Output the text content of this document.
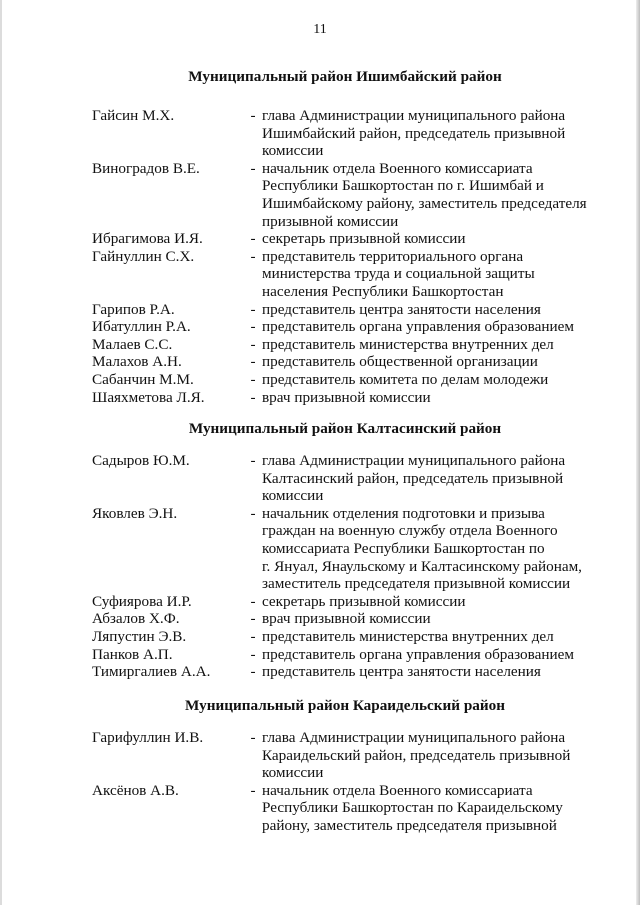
11
Муниципальный район Ишимбайский район
Гайсин М.Х.	- глава Администрации муниципального района
Ишимбайский район, председатель призывной
комиссии
Виноградов В.Е.	- начальник отдела Военного комиссариата
Республики Башкортостан по г. Ишимбай и
Ишимбайскому району, заместитель председателя
призывной комиссии
Ибрагимова И.Я.	- секретарь призывной комиссии
Гайнуллин С.Х.	- представитель территориального органа
министерства труда и социальной защиты
населения Республики Башкортостан
Гарипов Р.А.	- представитель центра занятости населения
Ибатуллин Р.А.	- представитель органа управления образованием
Малаев С.С.	- представитель министерства внутренних дел
Малахов А.Н.	- представитель общественной организации
Сабанчин М.М.	- представитель комитета по делам молодежи
Шаяхметова Л.Я.	- врач призывной комиссии
Муниципальный район Калтасинский район
Садыров Ю.М.	- глава Администрации муниципального района
Калтасинский район, председатель призывной
комиссии
Яковлев Э.Н.	- начальник отделения подготовки и призыва
граждан на военную службу отдела Военного
комиссариата Республики Башкортостан по
г. Януал, Янаульскому и Калтасинскому районам,
заместитель председателя призывной комиссии
Суфиярова И.Р.	- секретарь призывной комиссии
Абзалов Х.Ф.	- врач призывной комиссии
Ляпустин Э.В.	- представитель министерства внутренних дел
Панков А.П.	- представитель органа управления образованием
Тимиргалиев А.А.	- представитель центра занятости населения
Муниципальный район Караидельский район
Гарифуллин И.В.	- глава Администрации муниципального района
Караидельский район, председатель призывной
комиссии
Аксёнов А.В.	- начальник отдела Военного комиссариата
Республики Башкортостан по Караидельскому
району, заместитель председателя призывной
